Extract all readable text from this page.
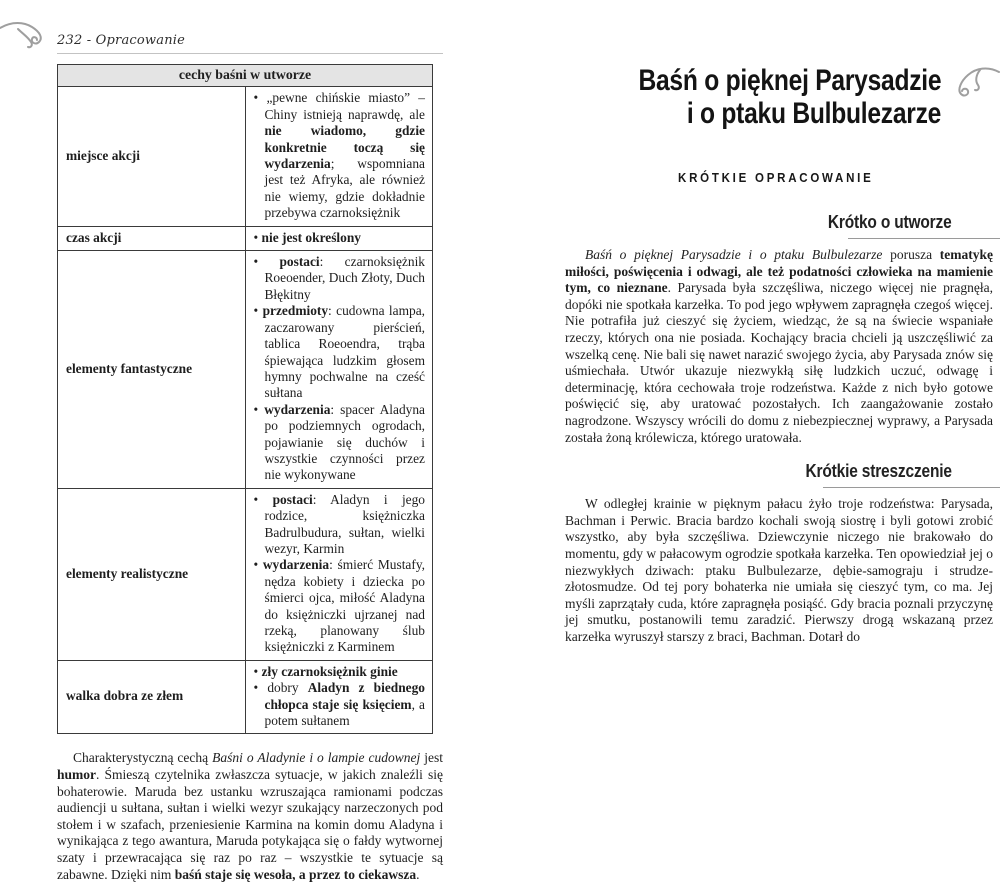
232 - Opracowanie
cechy baśni w utworze	
miejsce akcji	• „pewne chińskie miasto” – Chiny istnieją naprawdę, ale nie wiadomo, gdzie konkretnie toczą się wydarzenia; wspomniana jest też Afryka, ale również nie wiemy, gdzie dokładnie przebywa czarnoksiężnik

czas akcji	• nie jest określony

elementy fantastyczne	• postaci: czarnoksiężnik Roeoender, Duch Złoty, Duch Błękitny
• przedmioty: cudowna lampa, zaczarowany pierścień, tablica Roeoendra, trąba śpiewająca ludzkim głosem hymny pochwalne na cześć sułtana
• wydarzenia: spacer Aladyna po podziemnych ogrodach, pojawianie się duchów i wszystkie czynności przez nie wykonywane

elementy realistyczne	• postaci: Aladyn i jego rodzice, księżniczka Badrulbudura, sułtan, wielki wezyr, Karmin
• wydarzenia: śmierć Mustafy, nędza kobiety i dziecka po śmierci ojca, miłość Aladyna do księżniczki ujrzanej nad rzeką, planowany ślub księżniczki z Karminem

walka dobra ze złem	• zły czarnoksiężnik ginie
• dobry Aladyn z biednego chłopca staje się księciem, a potem sułtanem

Charakterystyczną cechą Baśni o Aladynie i o lampie cudownej jest humor. Śmieszą czytelnika zwłaszcza sytuacje, w jakich znaleźli się bohaterowie. Maruda bez ustanku wzruszająca ramionami podczas audiencji u sułtana, sułtan i wielki wezyr szukający narzeczonych pod stołem i w szafach, przeniesienie Karmina na komin domu Aladyna i wynikająca z tego awantura, Maruda potykająca się o fałdy wytwornej szaty i przewracająca się raz po raz – wszystkie te sytuacje są zabawne. Dzięki nim baśń staje się wesoła, a przez to ciekawsza.

Baśń o pięknej Parysadzie
i o ptaku Bulbulezarze
KRÓTKIE OPRACOWANIE
Krótko o utworze

Baśń o pięknej Parysadzie i o ptaku Bulbulezarze porusza tematykę miłości, poświęcenia i odwagi, ale też podatności człowieka na mamienie tym, co nieznane. Parysada była szczęśliwa, niczego więcej nie pragnęła, dopóki nie spotkała karzełka. To pod jego wpływem zapragnęła czegoś więcej. Nie potrafiła już cieszyć się życiem, wiedząc, że są na świecie wspaniałe rzeczy, których ona nie posiada. Kochający bracia chcieli ją uszczęśliwić za wszelką cenę. Nie bali się nawet narazić swojego życia, aby Parysada znów się uśmiechała. Utwór ukazuje niezwykłą siłę ludzkich uczuć, odwagę i determinację, która cechowała troje rodzeństwa. Każde z nich było gotowe poświęcić się, aby uratować pozostałych. Ich zaangażowanie zostało nagrodzone. Wszyscy wrócili do domu z niebezpiecznej wyprawy, a Parysada została żoną królewicza, którego uratowała.

Krótkie streszczenie

W odległej krainie w pięknym pałacu żyło troje rodzeństwa: Parysada, Bachman i Perwic. Bracia bardzo kochali swoją siostrę i byli gotowi zrobić wszystko, aby była szczęśliwa. Dziewczynie niczego nie brakowało do momentu, gdy w pałacowym ogrodzie spotkała karzełka. Ten opowiedział jej o niezwykłych dziwach: ptaku Bulbulezarze, dębie-samograju i strudze-złotosmudze. Od tej pory bohaterka nie umiała się cieszyć tym, co ma. Jej myśli zaprzątały cuda, które zapragnęła posiąść. Gdy bracia poznali przyczynę jej smutku, postanowili temu zaradzić. Pierwszy drogą wskazaną przez karzełka wyruszył starszy z braci, Bachman. Dotarł do
